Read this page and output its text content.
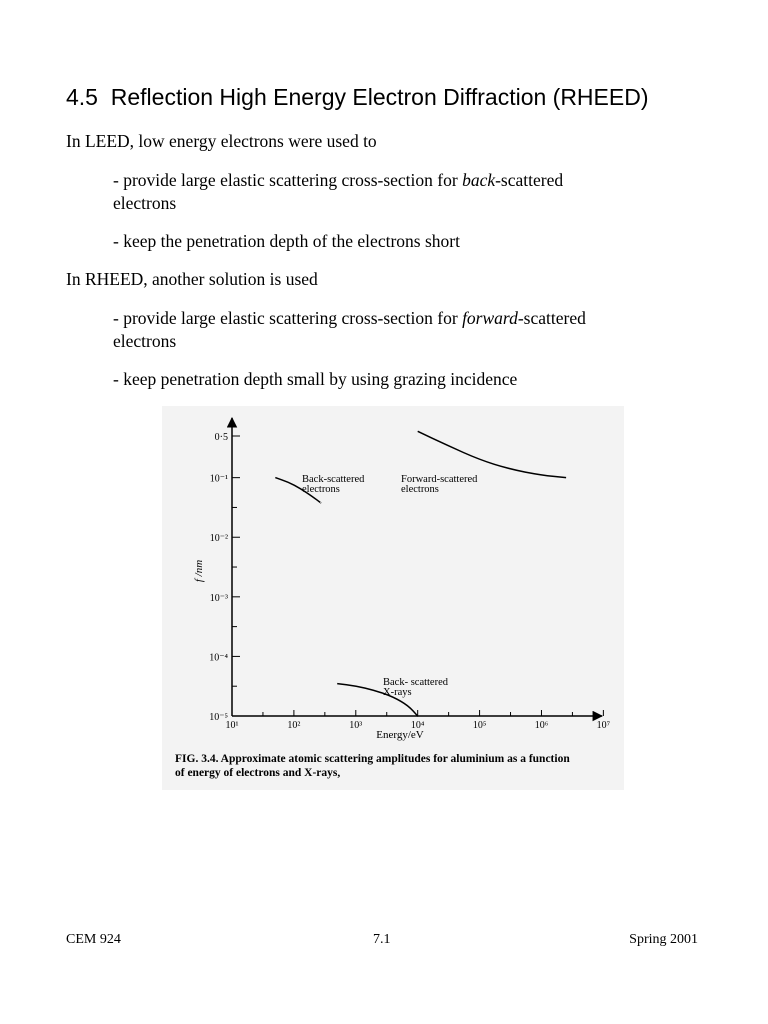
4.5 Reflection High Energy Electron Diffraction (RHEED)
In LEED, low energy electrons were used to
- provide large elastic scattering cross-section for back-scattered
electrons
- keep the penetration depth of the electrons short
In RHEED, another solution is used
- provide large elastic scattering cross-section for forward-scattered
electrons
- keep penetration depth small by using grazing incidence
10¹	10²	10³	10⁴	10⁵	10⁶	10⁷
10⁻⁵
10⁻⁴
10⁻³
10⁻²
10⁻¹
0·5
Energy/eV
f /nm
Back-scattered
electrons
Forward-scattered
electrons
Back- scattered
X-rays
FIG. 3.4. Approximate atomic scattering amplitudes for aluminium as a function
of energy of electrons and X-rays,
CEM 924	7.1	Spring 2001
